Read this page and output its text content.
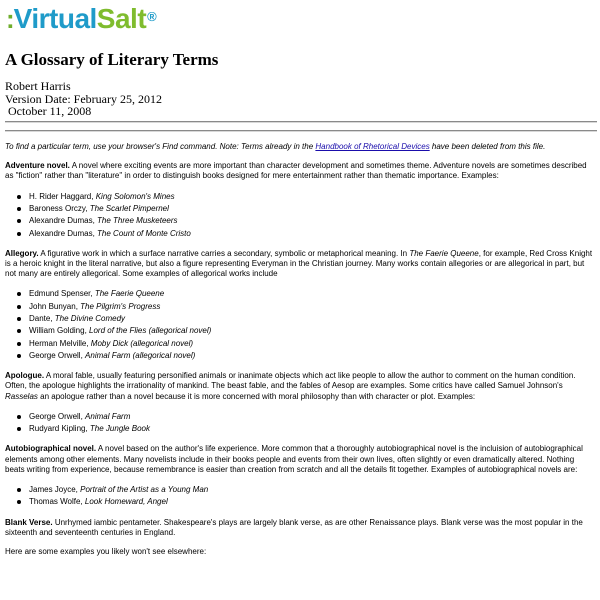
:VirtualSalt®
A Glossary of Literary Terms
Robert Harris
Version Date: February 25, 2012
October 11, 2008

To find a particular term, use your browser's Find command. Note: Terms already in the Handbook of Rhetorical Devices have been deleted from this file.

Adventure novel. A novel where exciting events are more important than character development and sometimes theme. Adventure novels are sometimes described as "fiction" rather than "literature" in order to distinguish books designed for mere entertainment rather than thematic importance. Examples:

H. Rider Haggard, King Solomon's Mines
Baroness Orczy, The Scarlet Pimpernel
Alexandre Dumas, The Three Musketeers
Alexandre Dumas, The Count of Monte Cristo

Allegory. A figurative work in which a surface narrative carries a secondary, symbolic or metaphorical meaning. In The Faerie Queene, for example, Red Cross Knight is a heroic knight in the literal narrative, but also a figure representing Everyman in the Christian journey. Many works contain allegories or are allegorical in part, but not many are entirely allegorical. Some examples of allegorical works include

Edmund Spenser, The Faerie Queene
John Bunyan, The Pilgrim's Progress
Dante, The Divine Comedy
William Golding, Lord of the Flies (allegorical novel)
Herman Melville, Moby Dick (allegorical novel)
George Orwell, Animal Farm (allegorical novel)

Apologue. A moral fable, usually featuring personified animals or inanimate objects which act like people to allow the author to comment on the human condition. Often, the apologue highlights the irrationality of mankind. The beast fable, and the fables of Aesop are examples. Some critics have called Samuel Johnson's Rasselas an apologue rather than a novel because it is more concerned with moral philosophy than with character or plot. Examples:

George Orwell, Animal Farm
Rudyard Kipling, The Jungle Book

Autobiographical novel. A novel based on the author's life experience. More common that a thoroughly autobiographical novel is the incluision of autobiographical elements among other elements. Many novelists include in their books people and events from their own lives, often slightly or even dramatically altered. Nothing beats writing from experience, because remembrance is easier than creation from scratch and all the details fit together. Examples of autobiographical novels are:

James Joyce, Portrait of the Artist as a Young Man
Thomas Wolfe, Look Homeward, Angel

Blank Verse. Unrhymed iambic pentameter. Shakespeare's plays are largely blank verse, as are other Renaissance plays. Blank verse was the most popular in the sixteenth and seventeenth centuries in England.

Here are some examples you likely won't see elsewhere:
